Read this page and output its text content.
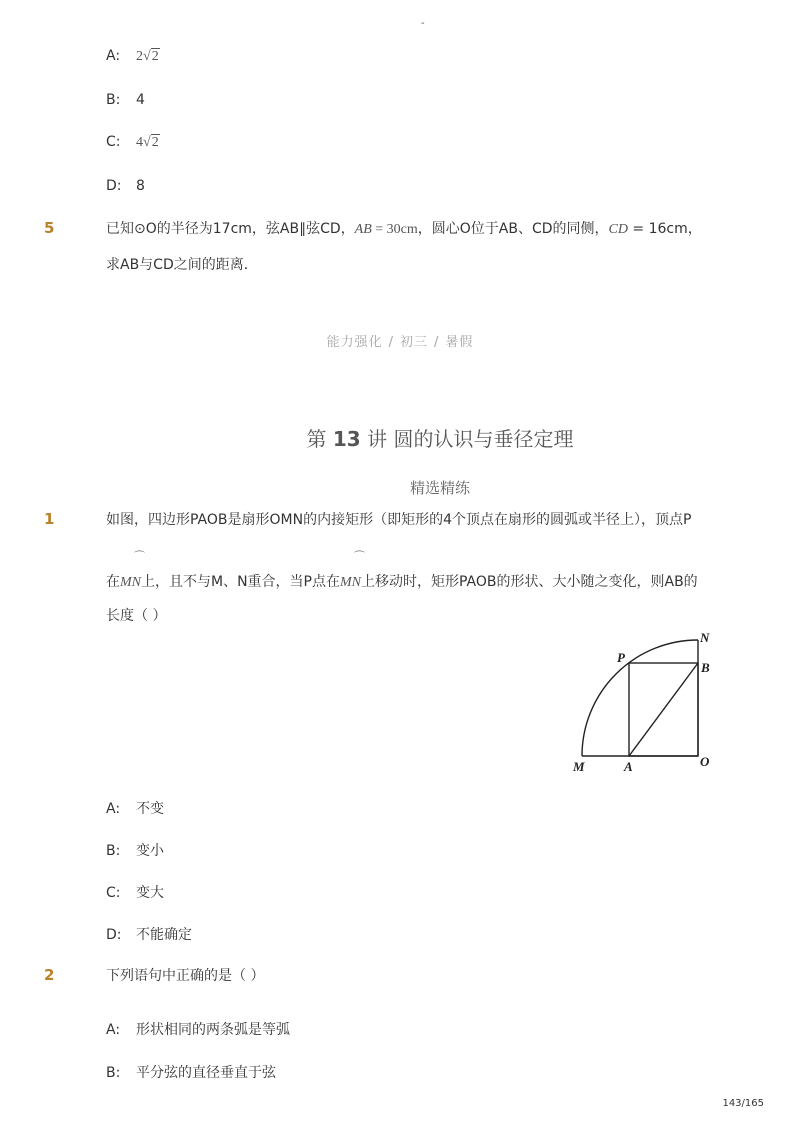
-
A: 2√2
B: 4
C: 4√2
D: 8
5	已知⊙O的半径为17cm，弦AB∥弦CD，AB = 30cm，圆心O位于AB、CD的同侧，CD = 16cm，
求AB与CD之间的距离．
能力强化 / 初三 / 暑假
第 13 讲 圆的认识与垂径定理
精选精练
1	如图，四边形PAOB是扇形OMN的内接矩形（即矩形的4个顶点在扇形的圆弧或半径上），顶点P
在⌒ MN上，且不与M、N重合，当P点在⌒ MN上移动时，矩形PAOB的形状、大小随之变化，则AB的
长度（ ）
N
P
B
M	A	O
A: 不变
B: 变小
C: 变大
D: 不能确定
2	下列语句中正确的是（ ）
A: 形状相同的两条弧是等弧
B: 平分弦的直径垂直于弦
143/165
